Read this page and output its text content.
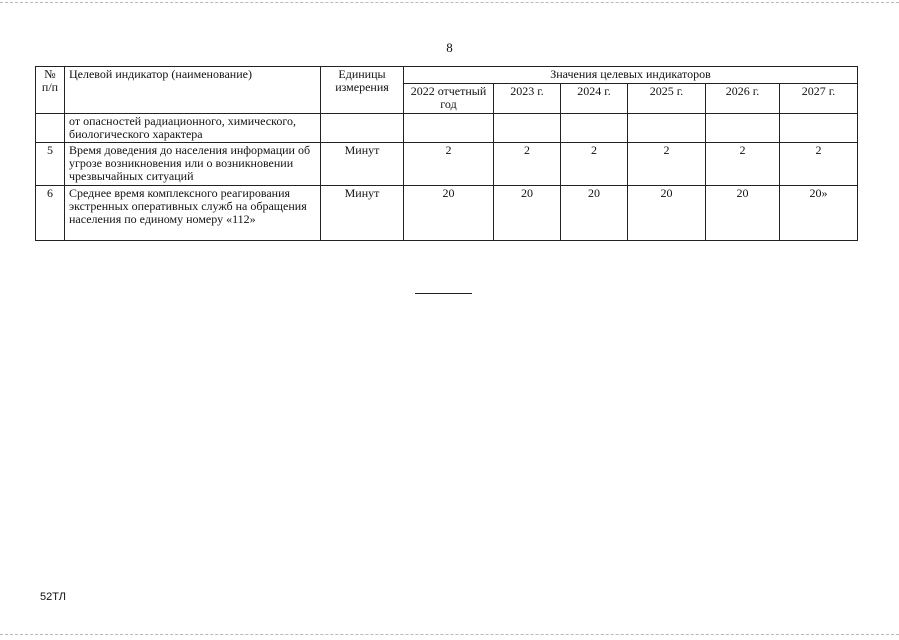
8
№ п/п	Целевой индикатор (наименование)	Единицы измерения	Значения целевых индикаторов					
			2022 отчетный год	2023 г.	2024 г.	2025 г.	2026 г.	2027 г.
	от опасностей радиационного, химического, биологического характера							
5	Время доведения до населения информации об угрозе возникновения или о возникновении чрезвычайных ситуаций	Минут	2	2	2	2	2	2
6	Среднее время комплексного реагирования экстренных оперативных служб на обращения населения по единому номеру «112»	Минут	20	20	20	20	20	20»
52ТЛ
